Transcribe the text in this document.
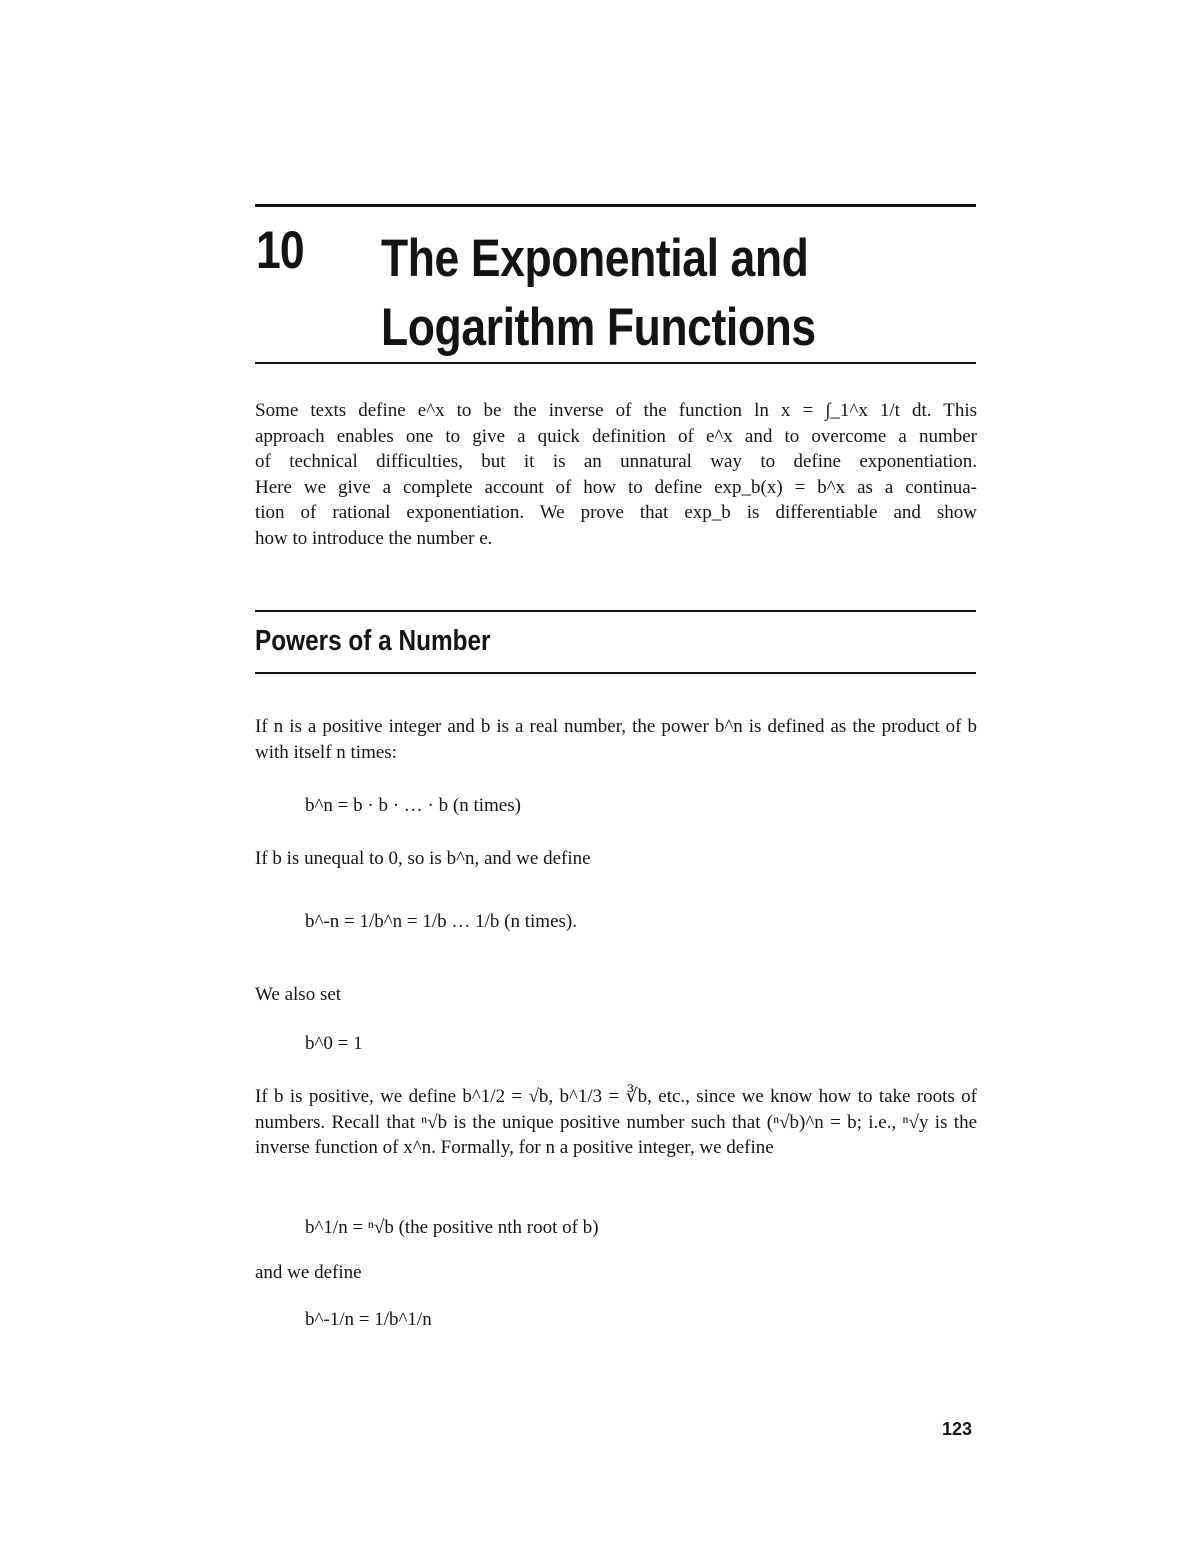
10 The Exponential and
Logarithm Functions
Some texts define e^x to be the inverse of the function ln x = ∫_1^x 1/t dt. This
approach enables one to give a quick definition of e^x and to overcome a number
of technical difficulties, but it is an unnatural way to define exponentiation.
Here we give a complete account of how to define exp_b(x) = b^x as a continua-
tion of rational exponentiation. We prove that exp_b is differentiable and show
how to introduce the number e.
Powers of a Number
If n is a positive integer and b is a real number, the power b^n is defined as the product of b with itself n times:
b^n = b · b · … · b (n times)
If b is unequal to 0, so is b^n, and we define
b^-n = 1/b^n = 1/b … 1/b (n times).
We also set
b^0 = 1
If b is positive, we define b^1/2 = √b, b^1/3 = ∛b, etc., since we know how to take roots of numbers. Recall that ⁿ√b is the unique positive number such that (ⁿ√b)^n = b; i.e., ⁿ√y is the inverse function of x^n. Formally, for n a positive integer, we define
b^1/n = ⁿ√b (the positive nth root of b)
and we define
b^-1/n = 1/b^1/n
123
